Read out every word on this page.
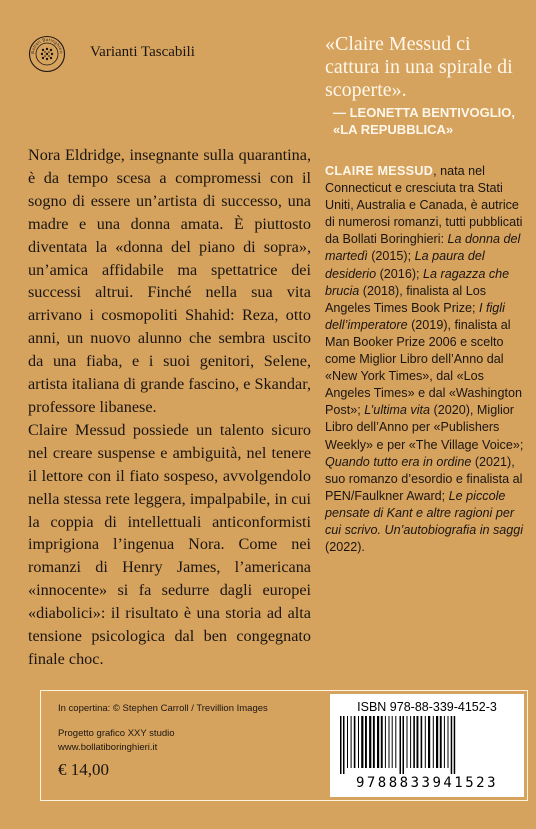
Bollati Boringhieri Varianti Tascabili	«Claire Messud ci cattura in una spirale di scoperte».
— LEONETTA BENTIVOGLIO,
«LA REPUBBLICA»

Nora Eldridge, insegnante sulla quarantina, è da tempo scesa a compromessi con il sogno di essere un’artista di successo, una madre e una donna amata. È piuttosto diventata la «donna del piano di sopra», un’amica affidabile ma spettatrice dei successi altrui. Finché nella sua vita arrivano i cosmopoliti Shahid: Reza, otto anni, un nuovo alunno che sembra uscito da una fiaba, e i suoi genitori, Selene, artista italiana di grande fascino, e Skandar, professore libanese.

Claire Messud possiede un talento sicuro nel creare suspense e ambiguità, nel tenere il lettore con il fiato sospeso, avvolgendolo nella stessa rete leggera, impalpabile, in cui la coppia di intellettuali anticonformisti imprigiona l’ingenua Nora. Come nei romanzi di Henry James, l’americana «innocente» si fa sedurre dagli europei «diabolici»: il risultato è una storia ad alta tensione psicologica dal ben congegnato finale choc.

CLAIRE MESSUD, nata nel Connecticut e cresciuta tra Stati Uniti, Australia e Canada, è autrice di numerosi romanzi, tutti pubblicati da Bollati Boringhieri: La donna del martedì (2015); La paura del desiderio (2016); La ragazza che brucia (2018), finalista al Los Angeles Times Book Prize; I figli dell’imperatore (2019), finalista al Man Booker Prize 2006 e scelto come Miglior Libro dell’Anno dal «New York Times», dal «Los Angeles Times» e dal «Washington Post»; L’ultima vita (2020), Miglior Libro dell’Anno per «Publishers Weekly» e per «The Village Voice»; Quando tutto era in ordine (2021), suo romanzo d’esordio e finalista al PEN/Faulkner Award; Le piccole pensate di Kant e altre ragioni per cui scrivo. Un’autobiografia in saggi (2022).
In copertina: © Stephen Carroll / Trevillion Images
Progetto grafico XXY studio
www.bollatiboringhieri.it
€ 14,00
ISBN 978-88-339-4152-3
9788833941523
